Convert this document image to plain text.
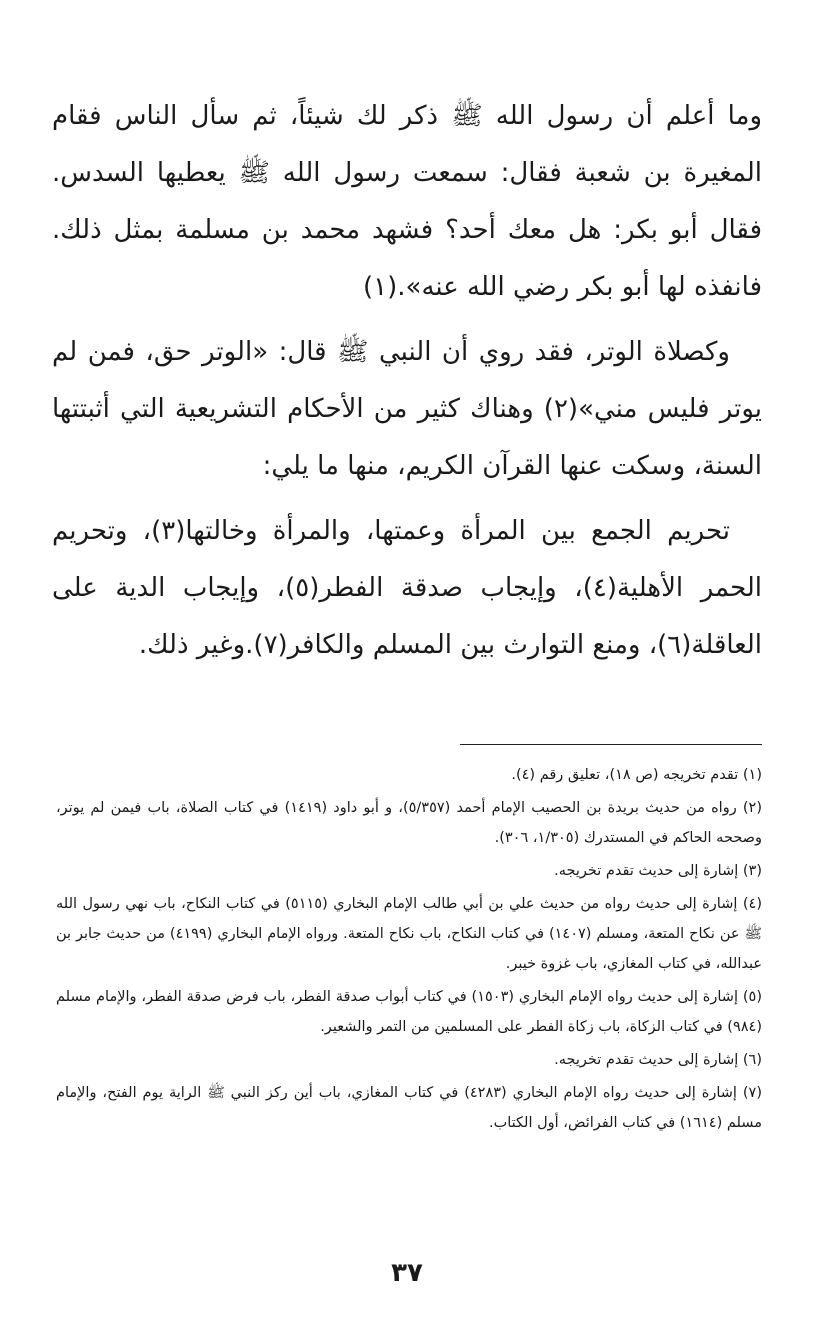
وما أعلم أن رسول الله ﷺ ذكر لك شيئاً، ثم سأل الناس فقام المغيرة بن شعبة فقال: سمعت رسول الله ﷺ يعطيها السدس. فقال أبو بكر: هل معك أحد؟ فشهد محمد بن مسلمة بمثل ذلك. فانفذه لها أبو بكر رضي الله عنه».(١)

وكصلاة الوتر، فقد روي أن النبي ﷺ قال: «الوتر حق، فمن لم يوتر فليس مني»(٢) وهناك كثير من الأحكام التشريعية التي أثبتتها السنة، وسكت عنها القرآن الكريم، منها ما يلي:

تحريم الجمع بين المرأة وعمتها، والمرأة وخالتها(٣)، وتحريم الحمر الأهلية(٤)، وإيجاب صدقة الفطر(٥)، وإيجاب الدية على العاقلة(٦)، ومنع التوارث بين المسلم والكافر(٧).وغير ذلك.

(١) تقدم تخريجه (ص ١٨)، تعليق رقم (٤).

(٢) رواه من حديث بريدة بن الحصيب الإمام أحمد (٥/٣٥٧)، و أبو داود (١٤١٩) في كتاب الصلاة، باب فيمن لم يوتر، وصححه الحاكم في المستدرك (١/٣٠٥، ٣٠٦).

(٣) إشارة إلى حديث تقدم تخريجه.

(٤) إشارة إلى حديث رواه من حديث علي بن أبي طالب الإمام البخاري (٥١١٥) في كتاب النكاح، باب نهي رسول الله ﷺ عن نكاح المتعة، ومسلم (١٤٠٧) في كتاب النكاح، باب نكاح المتعة. ورواه الإمام البخاري (٤١٩٩) من حديث جابر بن عبدالله، في كتاب المغازي، باب غزوة خيبر.

(٥) إشارة إلى حديث رواه الإمام البخاري (١٥٠٣) في كتاب أبواب صدقة الفطر، باب فرض صدقة الفطر، والإمام مسلم (٩٨٤) في كتاب الزكاة، باب زكاة الفطر على المسلمين من التمر والشعير.

(٦) إشارة إلى حديث تقدم تخريجه.

(٧) إشارة إلى حديث رواه الإمام البخاري (٤٢٨٣) في كتاب المغازي، باب أين ركز النبي ﷺ الراية يوم الفتح، والإمام مسلم (١٦١٤) في كتاب الفرائض، أول الكتاب.

٣٧
